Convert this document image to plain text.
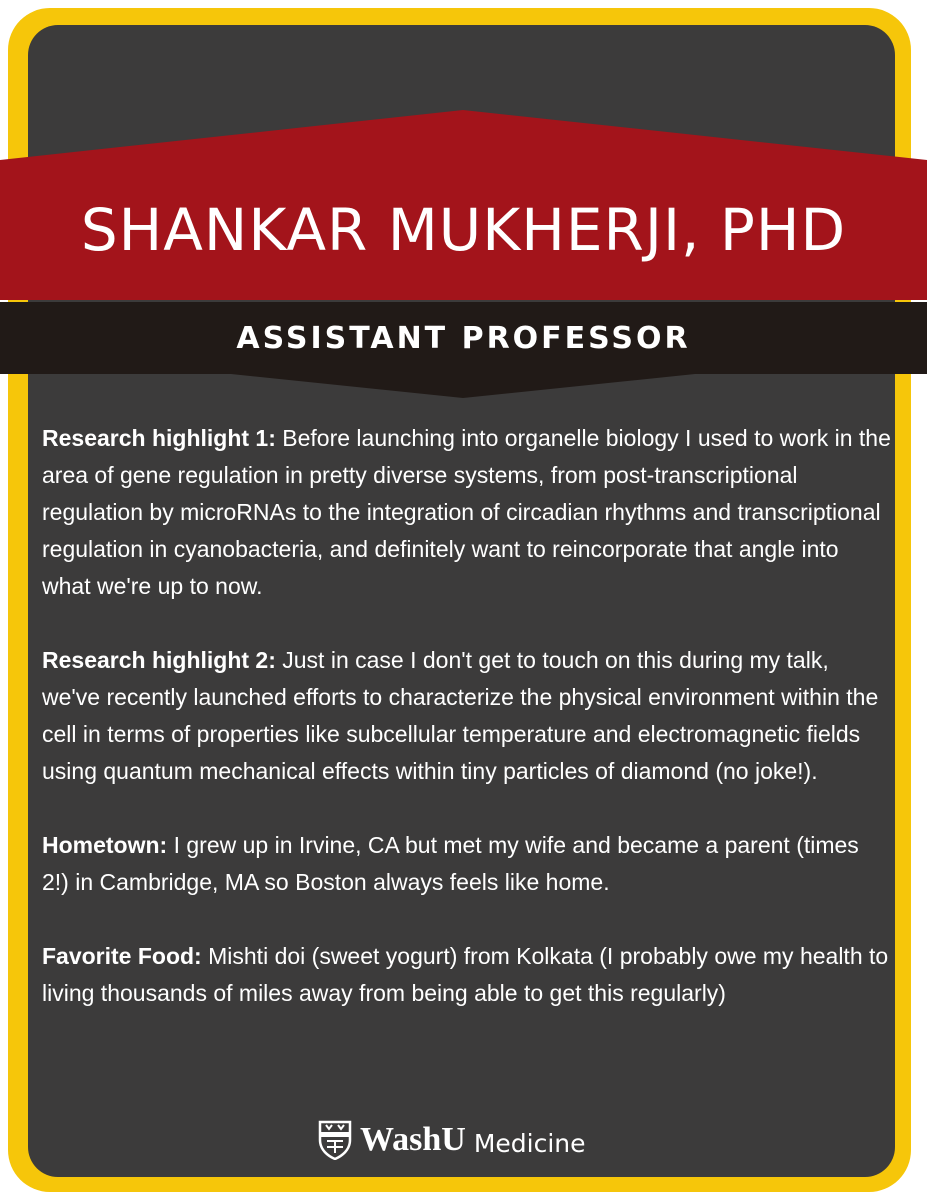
SHANKAR MUKHERJI, PHD
ASSISTANT PROFESSOR

Research highlight 1: Before launching into organelle biology I used to work in the area of gene regulation in pretty diverse systems, from post-transcriptional regulation by microRNAs to the integration of circadian rhythms and transcriptional regulation in cyanobacteria, and definitely want to reincorporate that angle into what we're up to now.

Research highlight 2: Just in case I don't get to touch on this during my talk, we've recently launched efforts to characterize the physical environment within the cell in terms of properties like subcellular temperature and electromagnetic fields using quantum mechanical effects within tiny particles of diamond (no joke!).

Hometown: I grew up in Irvine, CA but met my wife and became a parent (times 2!) in Cambridge, MA so Boston always feels like home.

Favorite Food: Mishti doi (sweet yogurt) from Kolkata (I probably owe my health to living thousands of miles away from being able to get this regularly)

WashU Medicine
